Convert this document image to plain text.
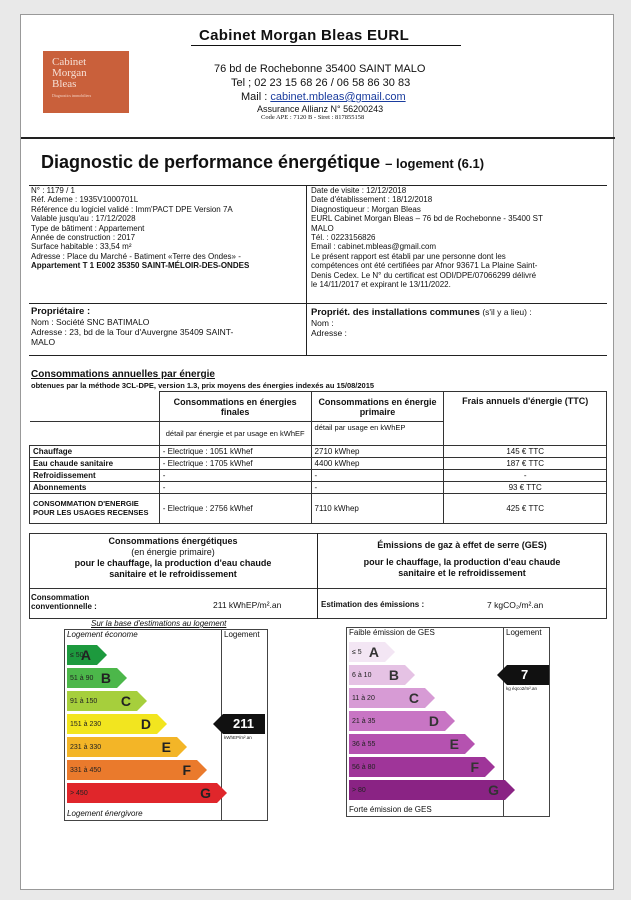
Cabinet Morgan Bleas EURL
Cabinet
Morgan
Bleas
Diagnostics immobiliers
76 bd de Rochebonne 35400 SAINT MALO
Tel ; 02 23 15 68 26 / 06 58 86 30 83
Mail : cabinet.mbleas@gmail.com
Assurance Allianz N° 56200243
Code APE : 7120 B - Siret : 817855158
Diagnostic de performance énergétique – logement (6.1)
N° : 1179 / 1
Réf. Ademe : 1935V1000701L
Référence du logiciel validé : Imm'PACT DPE Version 7A
Valable jusqu'au : 17/12/2028
Type de bâtiment : Appartement
Année de construction : 2017
Surface habitable : 33,54 m²
Adresse : Place du Marché - Batiment «Terre des Ondes» -
Appartement T 1 E002 35350 SAINT-MÉLOIR-DES-ONDES
Date de visite : 12/12/2018
Date d'établissement : 18/12/2018
Diagnostiqueur : Morgan Bleas
EURL Cabinet Morgan Bleas – 76 bd de Rochebonne - 35400 ST
MALO
Tél. : 0223156826
Email : cabinet.mbleas@gmail.com
Le présent rapport est établi par une personne dont les
compétences ont été certifiées par Afnor 93671 La Plaine Saint-
Denis Cedex. Le N° du certificat est ODI/DPE/07066299 délivré
le 14/11/2017 et expirant le 13/11/2022.
Propriétaire :
Nom : Société SNC BATIMALO
Adresse : 23, bd de la Tour d'Auvergne 35409 SAINT-
MALO
Propriét. des installations communes (s'il y a lieu) :
Nom :
Adresse :
Consommations annuelles par énergie
obtenues par la méthode 3CL-DPE, version 1.3, prix moyens des énergies indexés au 15/08/2015
	Consommations en énergies finales	Consommations en énergie primaire	Frais annuels d'énergie (TTC)
	détail par énergie et par usage en kWhEF	détail par usage en kWhEP	
Chauffage	- Electrique : 1051 kWhef	2710 kWhep	145 € TTC
Eau chaude sanitaire	- Electrique : 1705 kWhef	4400 kWhep	187 € TTC
Refroidissement	-	-	-
Abonnements	-	-	93 € TTC
CONSOMMATION D'ENERGIE POUR LES USAGES RECENSES	- Electrique : 2756 kWhef	7110 kWhep	425 € TTC
Consommations énergétiques
(en énergie primaire)
pour le chauffage, la production d'eau chaude
sanitaire et le refroidissement
Émissions de gaz à effet de serre (GES)
pour le chauffage, la production d'eau chaude
sanitaire et le refroidissement
Consommation
conventionnelle :	211 kWhEP/m².an	Estimation des émissions :	7 kgCO₂/m².an
Sur la base d'estimations au logement
Logement économe	Logement
Logement énergivore
211
kWhEP/m².an
Faible émission de GES	Logement
Forte émission de GES
7
kg éqco2/m².an
≤ 50
A
51 à 90 B
91 à 150 C
151 à 230	D
231 à 330	E
331 à 450	F
> 450	G
≤ 5 A
6 à 10 B
11 à 20 C
21 à 35	D
36 à 55	E
56 à 80	F
> 80	G
